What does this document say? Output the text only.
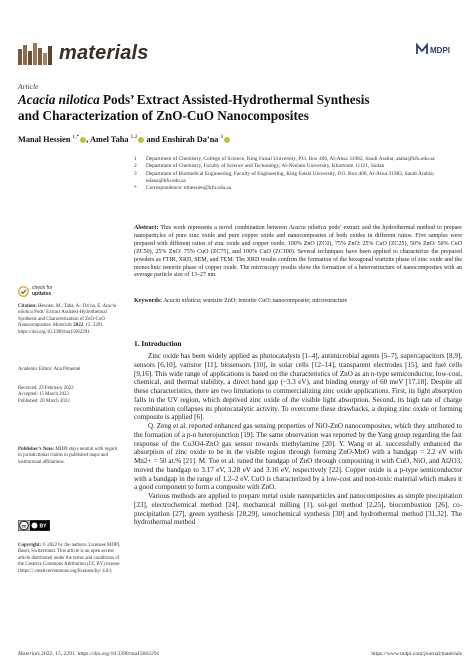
materials	MDPI
Article
Acacia nilotica Pods’ Extract Assisted-Hydrothermal Synthesis
and Characterization of ZnO-CuO Nanocomposites
Manal Hessien $^{1,*}$ , Amel Taha $^{1,2}$ and Enshirah Da’na $^3$
1	Department of Chemistry, College of Science, King Faisal University, P.O. Box 400, Al-Ahsa 31982, Saudi Arabia; ataha@kfu.edu.sa
2	Department of Chemistry, Faculty of Science and Technology, Al-Neelain University, Khartoum 11121, Sudan
3	Department of Biomedical Engineering, Faculty of Engineering, King Faisal University, P.O. Box 400, Al-Ahsa 31982, Saudi Arabia; edana@kfu.edu.sa
*	Correspondence: mhessien@kfu.edu.sa
Abstract: This work represents a novel combination between Acacia nilotica pods’ extract and the hydrothermal method to prepare nanoparticles of pure zinc oxide and pure copper oxide and nanocomposites of both oxides in different ratios. Five samples were prepared with different ratios of zinc oxide and copper oxide; 100% ZnO (ZC0), 75% ZnO: 25% CuO (ZC25), 50% ZnO: 50% CuO (ZC50), 25% ZnO: 75% CuO (ZC75), and 100% CuO (ZC100). Several techniques have been applied to characterize the prepared powders as FTIR, XRD, SEM, and TEM. The XRD results confirm the formation of the hexagonal wurtzite phase of zinc oxide and the monoclinic tenorite phase of copper oxide. The microscopy results show the formation of a heterostructure of nanocomposites with an average particle size of 13–27 nm.
Keywords: Acacia nilotica; wurtzite ZnO; tenorite CuO; nanocomposite; microstructure
check for
updates
Citation: Hessien, M.; Taha, A.; Da’na, E. Acacia nilotica Pods’ Extract Assisted-Hydrothermal Synthesis and Characterization of ZnO-CuO Nanocomposites. Materials 2022, 15, 2291. https://doi.org/10.3390/ma15062291
Academic Editor: Ana Pimentel
Received: 23 February 2022
Accepted: 15 March 2022
Published: 20 March 2022
Publisher’s Note: MDPI stays neutral with regard to jurisdictional claims in published maps and institutional affiliations.
cc	BY
Copyright: © 2022 by the authors. Licensee MDPI, Basel, Switzerland. This article is an open access article distributed under the terms and conditions of the Creative Commons Attribution (CC BY) license (https:// creativecommons.org/licenses/by/ 4.0/).
1. Introduction

Zinc oxide has been widely applied as photocatalysts [1–4], antimicrobial agents [5–7], supercapacitors [8,9], sensors [6,10], varistor [11], biosensors [10], in solar cells [12–14], transparent electrodes [15], and fuel cells [9,16]. This wide range of applications is based on the characteristics of ZnO as an n-type semiconductor, low-cost, chemical, and thermal stability, a direct band gap (~3.3 eV), and binding energy of 60 meV [17,18]. Despite all these characteristics, there are two limitations to commercializing zinc oxide applications. First, its light absorption falls in the UV region, which deprived zinc oxide of the visible light absorption. Second, its high rate of charge recombination collapses its photocatalytic activity. To overcome these drawbacks, a doping zinc oxide or forming composite is applied [6].

Q. Zeng et al. reported enhanced gas sensing properties of NiO-ZnO nanocomposites, which they attributed to the formation of a p-n heterojunction [19]. The same observation was reported by the Yang group regarding the fast response of the Co3O4-ZnO gas sensor towards triethylamine [20]. Y. Wang et al. successfully enhanced the absorption of zinc oxide to be in the visible region through forming ZnO-MnO with a bandgap = 2.2 eV with Mn2+ = 50 at.% [21]. M. Toe et al. tuned the bandgap of ZnO through compositing it with CuO, NiO, and Al2O3, moved the bandgap to 3.17 eV, 3.28 eV and 3.16 eV, respectively [22]. Copper oxide is a p-type semiconductor with a bandgap in the range of 1.2–2 eV. CuO is characterized by a low-cost and non-toxic material which makes it a good component to form a composite with ZnO.

Various methods are applied to prepare metal oxide nanoparticles and nanocomposites as simple precipitation [23], electrochemical method [24], mechanical milling [1], sol-gel method [2,25], biocombustion [26], co-precipitation [27], green synthesis [28,29], sonochemical synthesis [30] and hydrothermal method [31,32]. The hydrothermal method

Materials 2022, 15, 2291. https://doi.org/10.3390/ma15062291	https://www.mdpi.com/journal/materials
